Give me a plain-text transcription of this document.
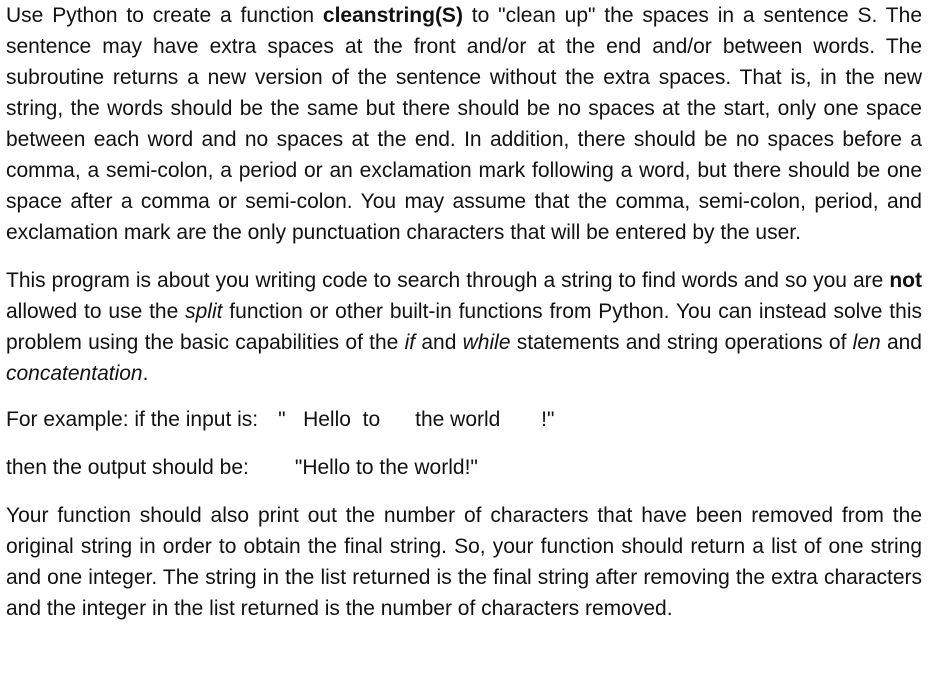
Use Python to create a function cleanstring(S) to "clean up" the spaces in a sentence S. The sentence may have extra spaces at the front and/or at the end and/or between words. The subroutine returns a new version of the sentence without the extra spaces. That is, in the new string, the words should be the same but there should be no spaces at the start, only one space between each word and no spaces at the end. In addition, there should be no spaces before a comma, a semi-colon, a period or an exclamation mark following a word, but there should be one space after a comma or semi-colon. You may assume that the comma, semi-colon, period, and exclamation mark are the only punctuation characters that will be entered by the user.

This program is about you writing code to search through a string to find words and so you are not allowed to use the split function or other built-in functions from Python. You can instead solve this problem using the basic capabilities of the if and while statements and string operations of len and concatentation.

For example: if the input is: "   Hello  to      the world       !"

then the output should be: "Hello to the world!"

Your function should also print out the number of characters that have been removed from the original string in order to obtain the final string. So, your function should return a list of one string and one integer. The string in the list returned is the final string after removing the extra characters and the integer in the list returned is the number of characters removed.
